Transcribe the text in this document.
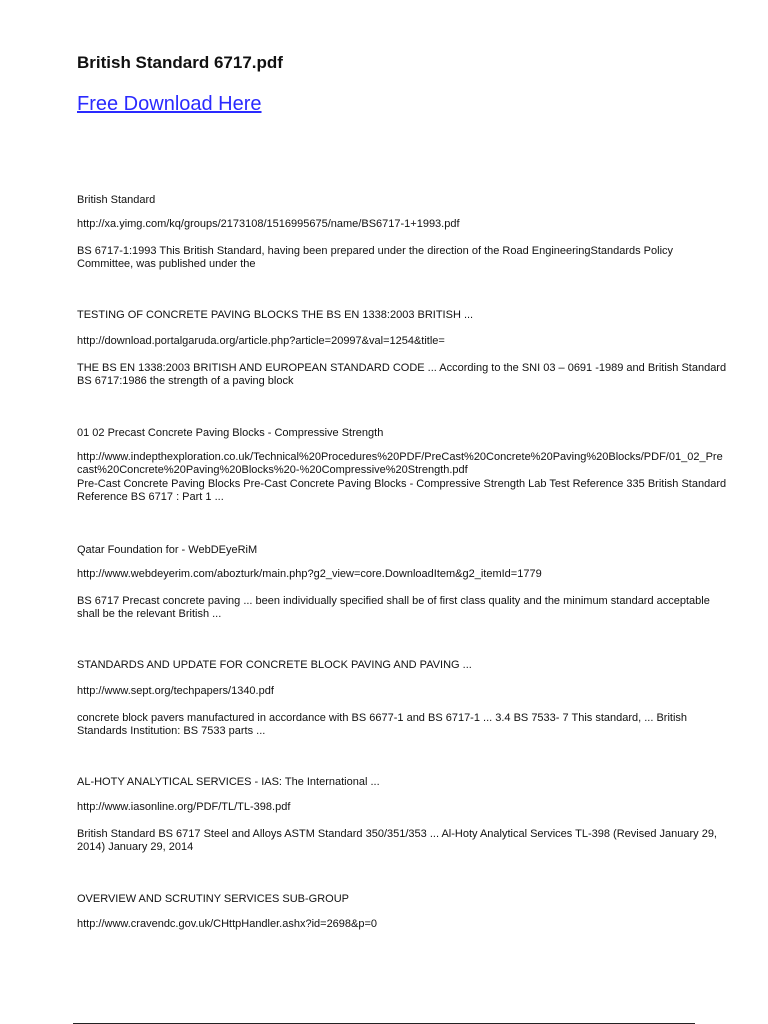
British Standard 6717.pdf
Free Download Here

British Standard

http://xa.yimg.com/kq/groups/2173108/1516995675/name/BS6717-1+1993.pdf

BS 6717-1:1993 This British Standard, having been prepared under the direction of the Road EngineeringStandards Policy Committee, was published under the

TESTING OF CONCRETE PAVING BLOCKS THE BS EN 1338:2003 BRITISH ...

http://download.portalgaruda.org/article.php?article=20997&val=1254&title=

THE BS EN 1338:2003 BRITISH AND EUROPEAN STANDARD CODE ... According to the SNI 03 – 0691 -1989 and British Standard BS 6717:1986 the strength of a paving block

01 02 Precast Concrete Paving Blocks - Compressive Strength

http://www.indepthexploration.co.uk/Technical%20Procedures%20PDF/PreCast%20Concrete%20Paving%20Blocks/PDF/01_02_Precast%20Concrete%20Paving%20Blocks%20-%20Compressive%20Strength.pdf

Pre-Cast Concrete Paving Blocks Pre-Cast Concrete Paving Blocks - Compressive Strength Lab Test Reference 335 British Standard Reference BS 6717 : Part 1 ...

Qatar Foundation for - WebDEyeRiM

http://www.webdeyerim.com/abozturk/main.php?g2_view=core.DownloadItem&g2_itemId=1779

BS 6717 Precast concrete paving ... been individually specified shall be of first class quality and the minimum standard acceptable shall be the relevant British ...

STANDARDS AND UPDATE FOR CONCRETE BLOCK PAVING AND PAVING ...

http://www.sept.org/techpapers/1340.pdf

concrete block pavers manufactured in accordance with BS 6677-1 and BS 6717-1 ... 3.4 BS 7533- 7 This standard, ... British Standards Institution: BS 7533 parts ...

AL-HOTY ANALYTICAL SERVICES - IAS: The International ...

http://www.iasonline.org/PDF/TL/TL-398.pdf

British Standard BS 6717 Steel and Alloys ASTM Standard 350/351/353 ... Al-Hoty Analytical Services TL-398 (Revised January 29, 2014) January 29, 2014

OVERVIEW AND SCRUTINY SERVICES SUB-GROUP

http://www.cravendc.gov.uk/CHttpHandler.ashx?id=2698&p=0
